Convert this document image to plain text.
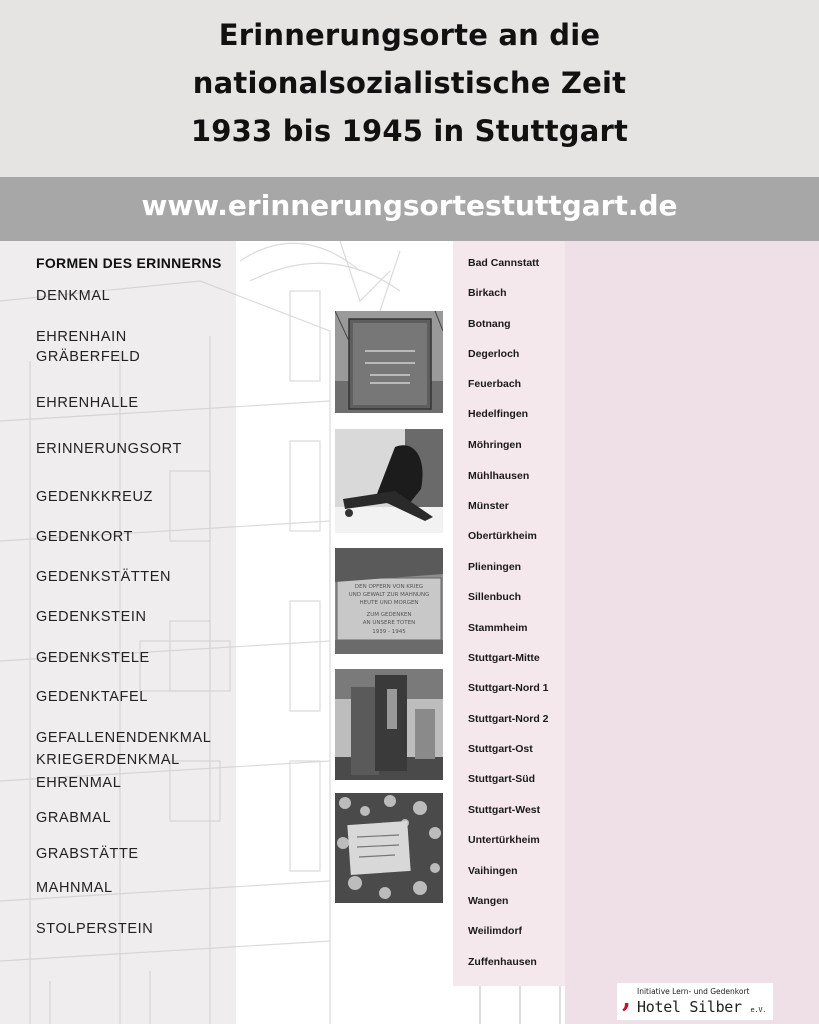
Erinnerungsorte an die
nationalsozialistische Zeit
1933 bis 1945 in Stuttgart
www.erinnerungsortestuttgart.de
FORMEN DES ERINNERNS
DENKMAL
EHRENHAIN
GRÄBERFELD
EHRENHALLE
ERINNERUNGSORT
GEDENKKREUZ
GEDENKORT
GEDENKSTÄTTEN
GEDENKSTEIN
GEDENKSTELE
GEDENKTAFEL
GEFALLENENDENKMAL
KRIEGERDENKMAL
EHRENMAL
GRABMAL
GRABSTÄTTE
MAHNMAL
STOLPERSTEIN
DEN OPFERN VON KRIEG
UND GEWALT ZUR MAHNUNG
HEUTE UND MORGEN
ZUM GEDENKEN
AN UNSERE TOTEN
1939 - 1945
Bad Cannstatt
Birkach
Botnang
Degerloch
Feuerbach
Hedelfingen
Möhringen
Mühlhausen
Münster
Obertürkheim
Plieningen
Sillenbuch
Stammheim
Stuttgart-Mitte
Stuttgart-Nord 1
Stuttgart-Nord 2
Stuttgart-Ost
Stuttgart-Süd
Stuttgart-West
Untertürkheim
Vaihingen
Wangen
Weilimdorf
Zuffenhausen
, Initiative Lern- und Gedenkort
Hotel Silber e.V.
